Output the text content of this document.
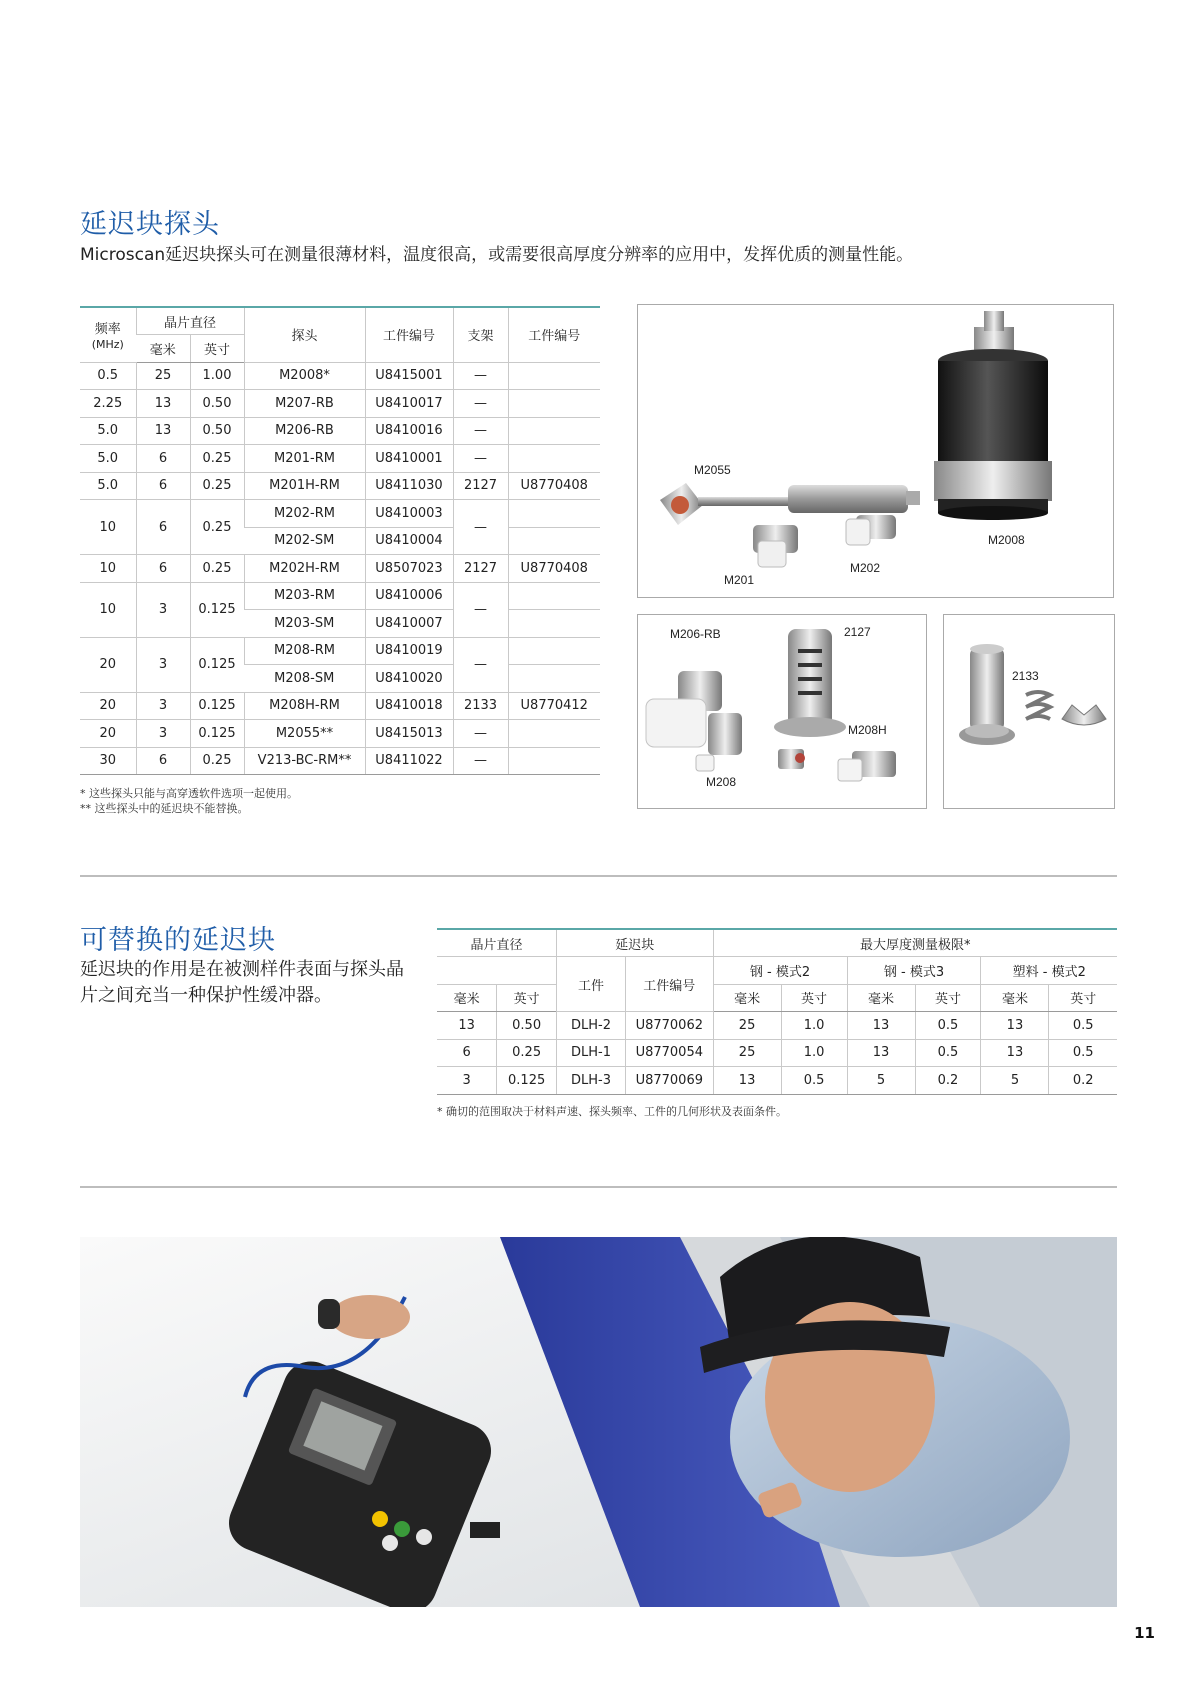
延迟块探头

Microscan延迟块探头可在测量很薄材料，温度很高，或需要很高厚度分辨率的应用中，发挥优质的测量性能。

频率
(MHz)	晶片直径		探头	工件编号	支架	工件编号
	毫米	英寸				
0.5	25	1.00	M2008*	U8415001	—	
2.25	13	0.50	M207-RB	U8410017	—	
5.0	13	0.50	M206-RB	U8410016	—	
5.0	6	0.25	M201-RM	U8410001	—	
5.0	6	0.25	M201H-RM	U8411030	2127	U8770408
10	6	0.25	M202-RM	U8410003	—	
			M202-SM	U8410004		
10	6	0.25	M202H-RM	U8507023	2127	U8770408
10	3	0.125	M203-RM	U8410006	—	
			M203-SM	U8410007		
20	3	0.125	M208-RM	U8410019	—	
			M208-SM	U8410020		
20	3	0.125	M208H-RM	U8410018	2133	U8770412
20	3	0.125	M2055**	U8415013	—	
30	6	0.25	V213-BC-RM**	U8411022	—	
* 这些探头只能与高穿透软件选项一起使用。
** 这些探头中的延迟块不能替换。
M2055
M2008
M201
M202
M206-RB	2127
M208H
M208
2133
可替换的延迟块

延迟块的作用是在被测样件表面与探头晶片之间充当一种保护性缓冲器。

晶片直径		延迟块		最大厚度测量极限*					
		工件	工件编号	钢 - 模式2		钢 - 模式3		塑料 - 模式2	
毫米	英寸			毫米	英寸	毫米	英寸	毫米	英寸
13	0.50	DLH-2	U8770062	25	1.0	13	0.5	13	0.5
6	0.25	DLH-1	U8770054	25	1.0	13	0.5	13	0.5
3	0.125	DLH-3	U8770069	13	0.5	5	0.2	5	0.2
* 确切的范围取决于材料声速、探头频率、工件的几何形状及表面条件。
11
